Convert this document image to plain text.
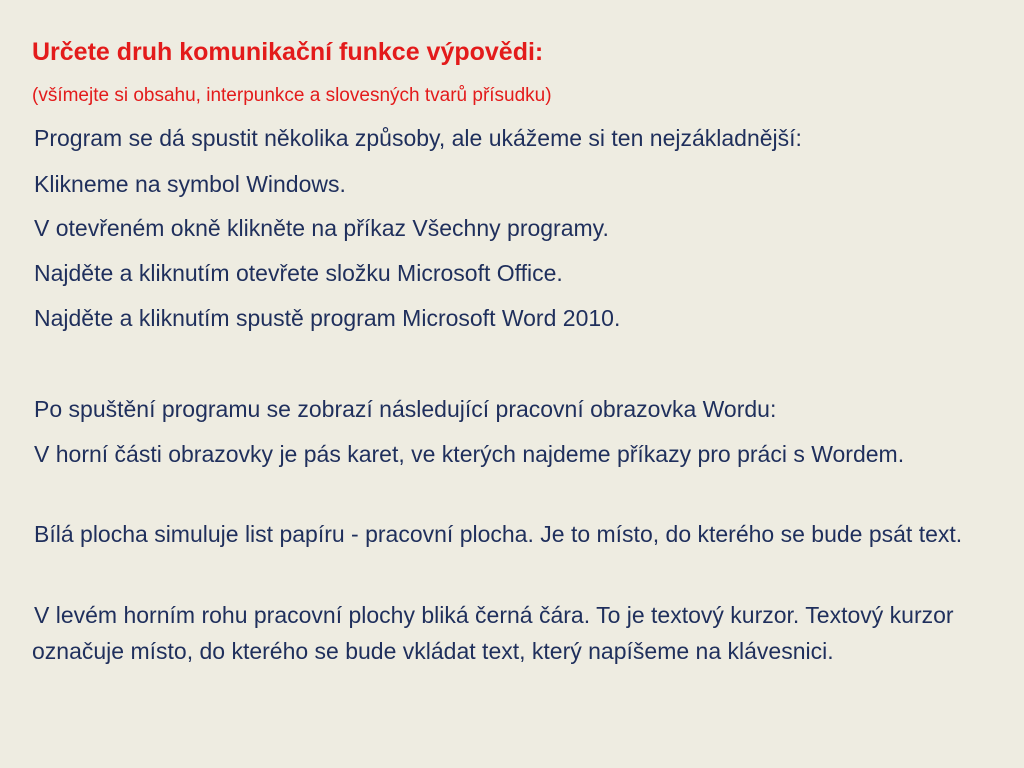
Určete druh komunikační funkce výpovědi:

(všímejte si obsahu, interpunkce a slovesných tvarů přísudku)

Program se dá spustit několika způsoby, ale ukážeme si ten nejzákladnější:

Klikneme na symbol Windows.

V otevřeném okně klikněte na příkaz Všechny programy.

Najděte a kliknutím otevřete složku Microsoft Office.

Najděte a kliknutím spustě program Microsoft Word 2010.

Po spuštění programu se zobrazí následující pracovní obrazovka Wordu:

V horní části obrazovky je pás karet, ve kterých najdeme příkazy pro práci s Wordem.

Bílá plocha simuluje list papíru - pracovní plocha. Je to místo, do kterého se bude psát text.

V levém horním rohu pracovní plochy bliká černá čára. To je textový kurzor. Textový kurzor označuje místo, do kterého se bude vkládat text, který napíšeme na klávesnici.
